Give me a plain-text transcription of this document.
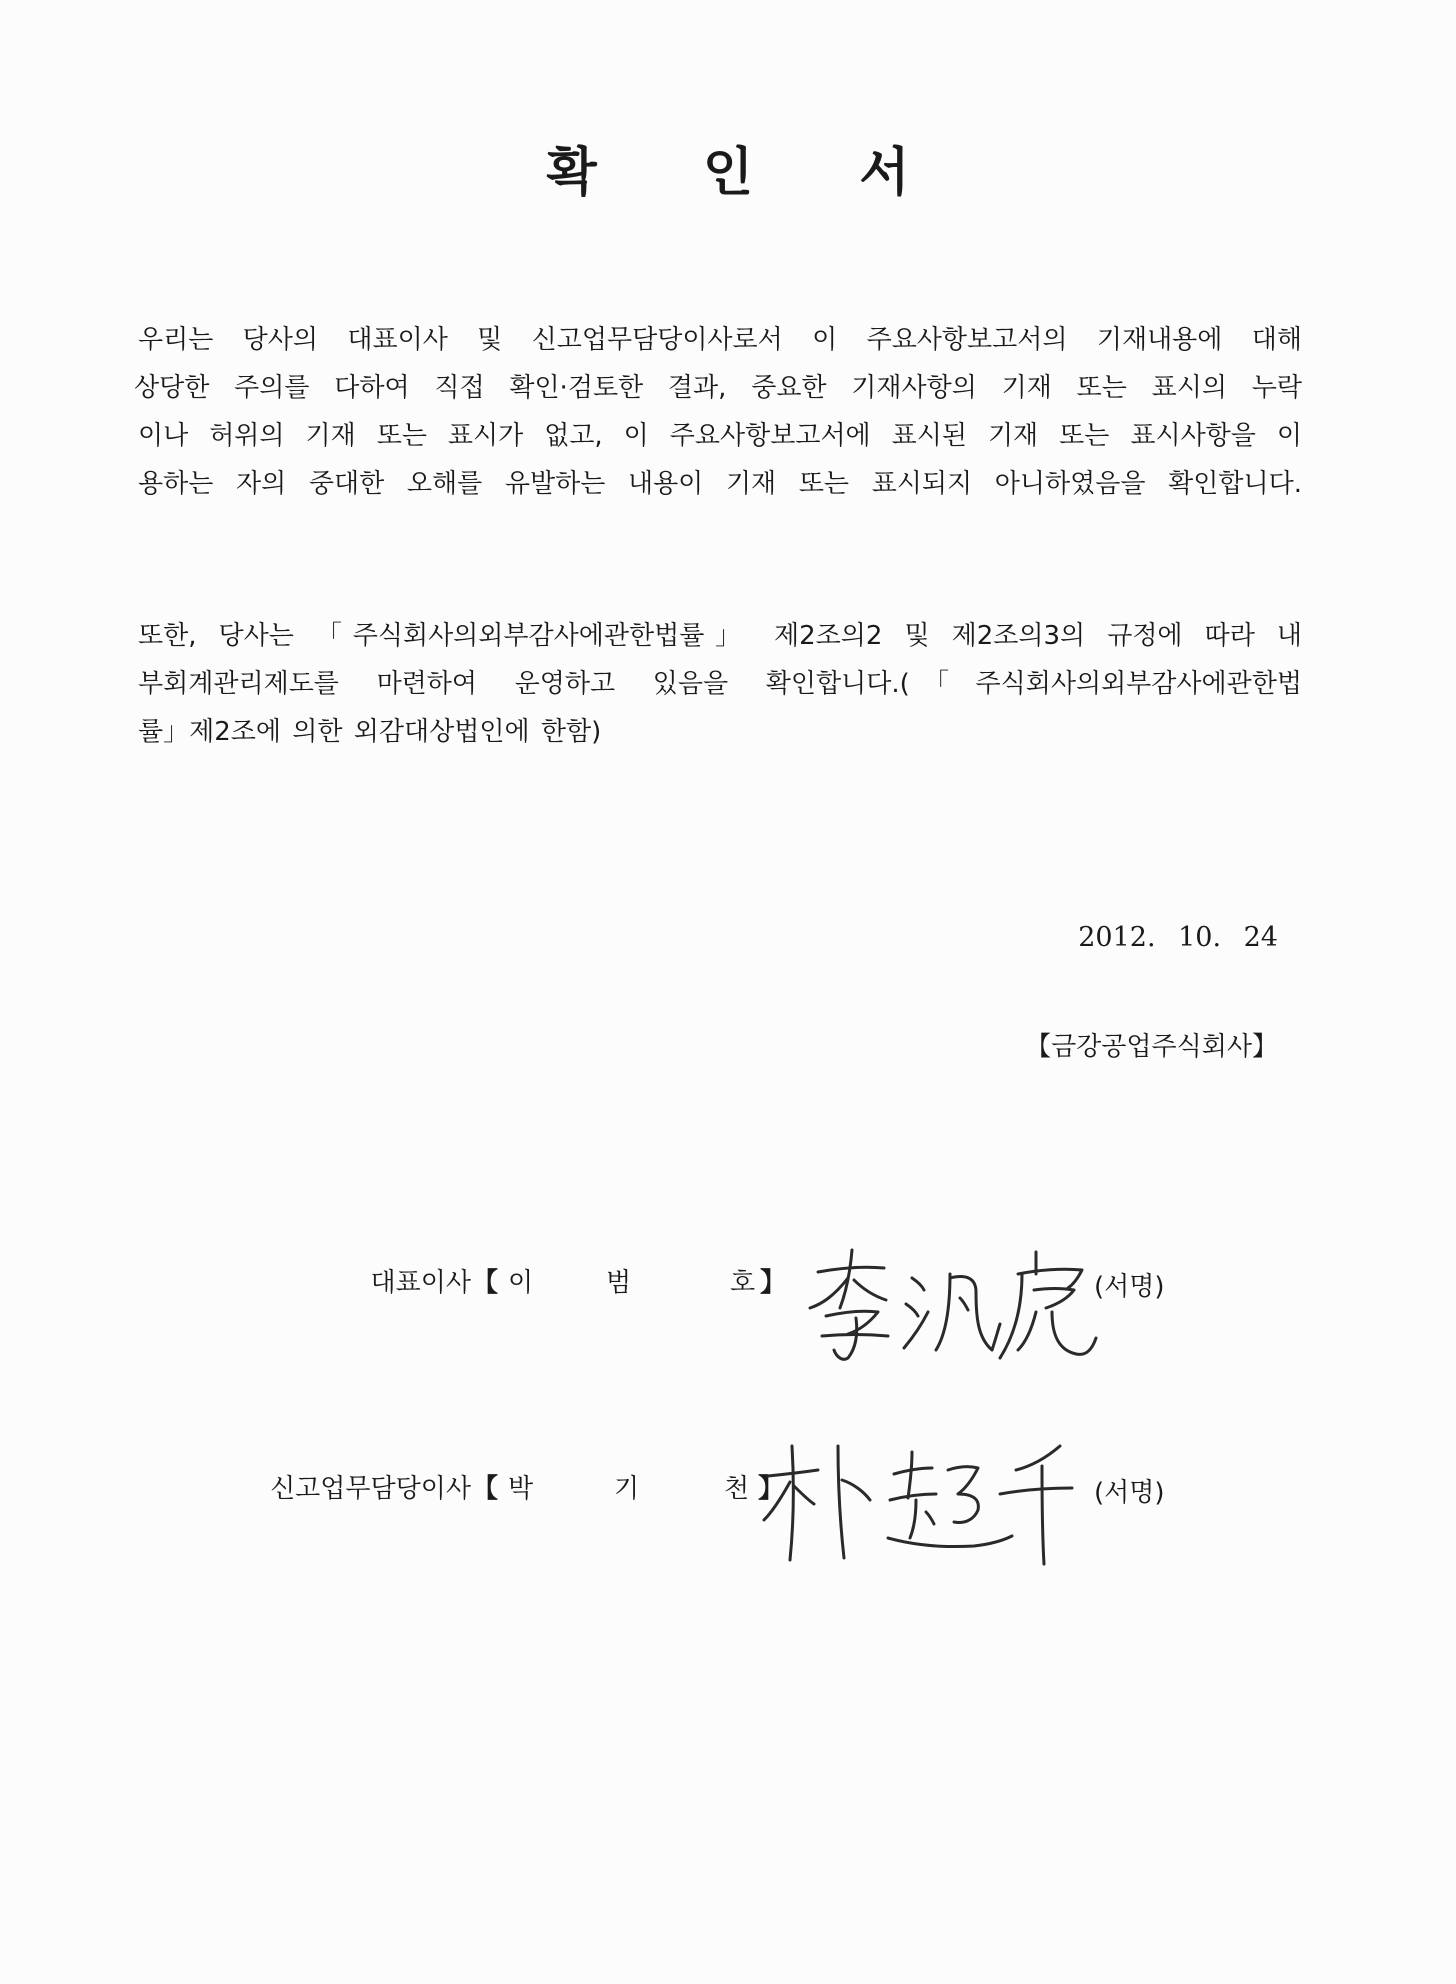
확 인 서
우리는 당사의 대표이사 및 신고업무담당이사로서 이 주요사항보고서의 기재내용에 대해
상당한 주의를 다하여 직접 확인·검토한 결과, 중요한 기재사항의 기재 또는 표시의 누락
이나 허위의 기재 또는 표시가 없고, 이 주요사항보고서에 표시된 기재 또는 표시사항을 이
용하는 자의 중대한 오해를 유발하는 내용이 기재 또는 표시되지 아니하였음을 확인합니다.
또한, 당사는 「주식회사의외부감사에관한법률」 제2조의2 및 제2조의3의 규정에 따라 내
부회계관리제도를 마련하여 운영하고 있음을 확인합니다.(「주식회사의외부감사에관한법
률」제2조에 의한 외감대상법인에 한함)
2012. 10. 24
【금강공업주식회사】
대표이사 【 이	범	호 】	(서명)
신고업무담당이사 【 박	기	천 】	(서명)
